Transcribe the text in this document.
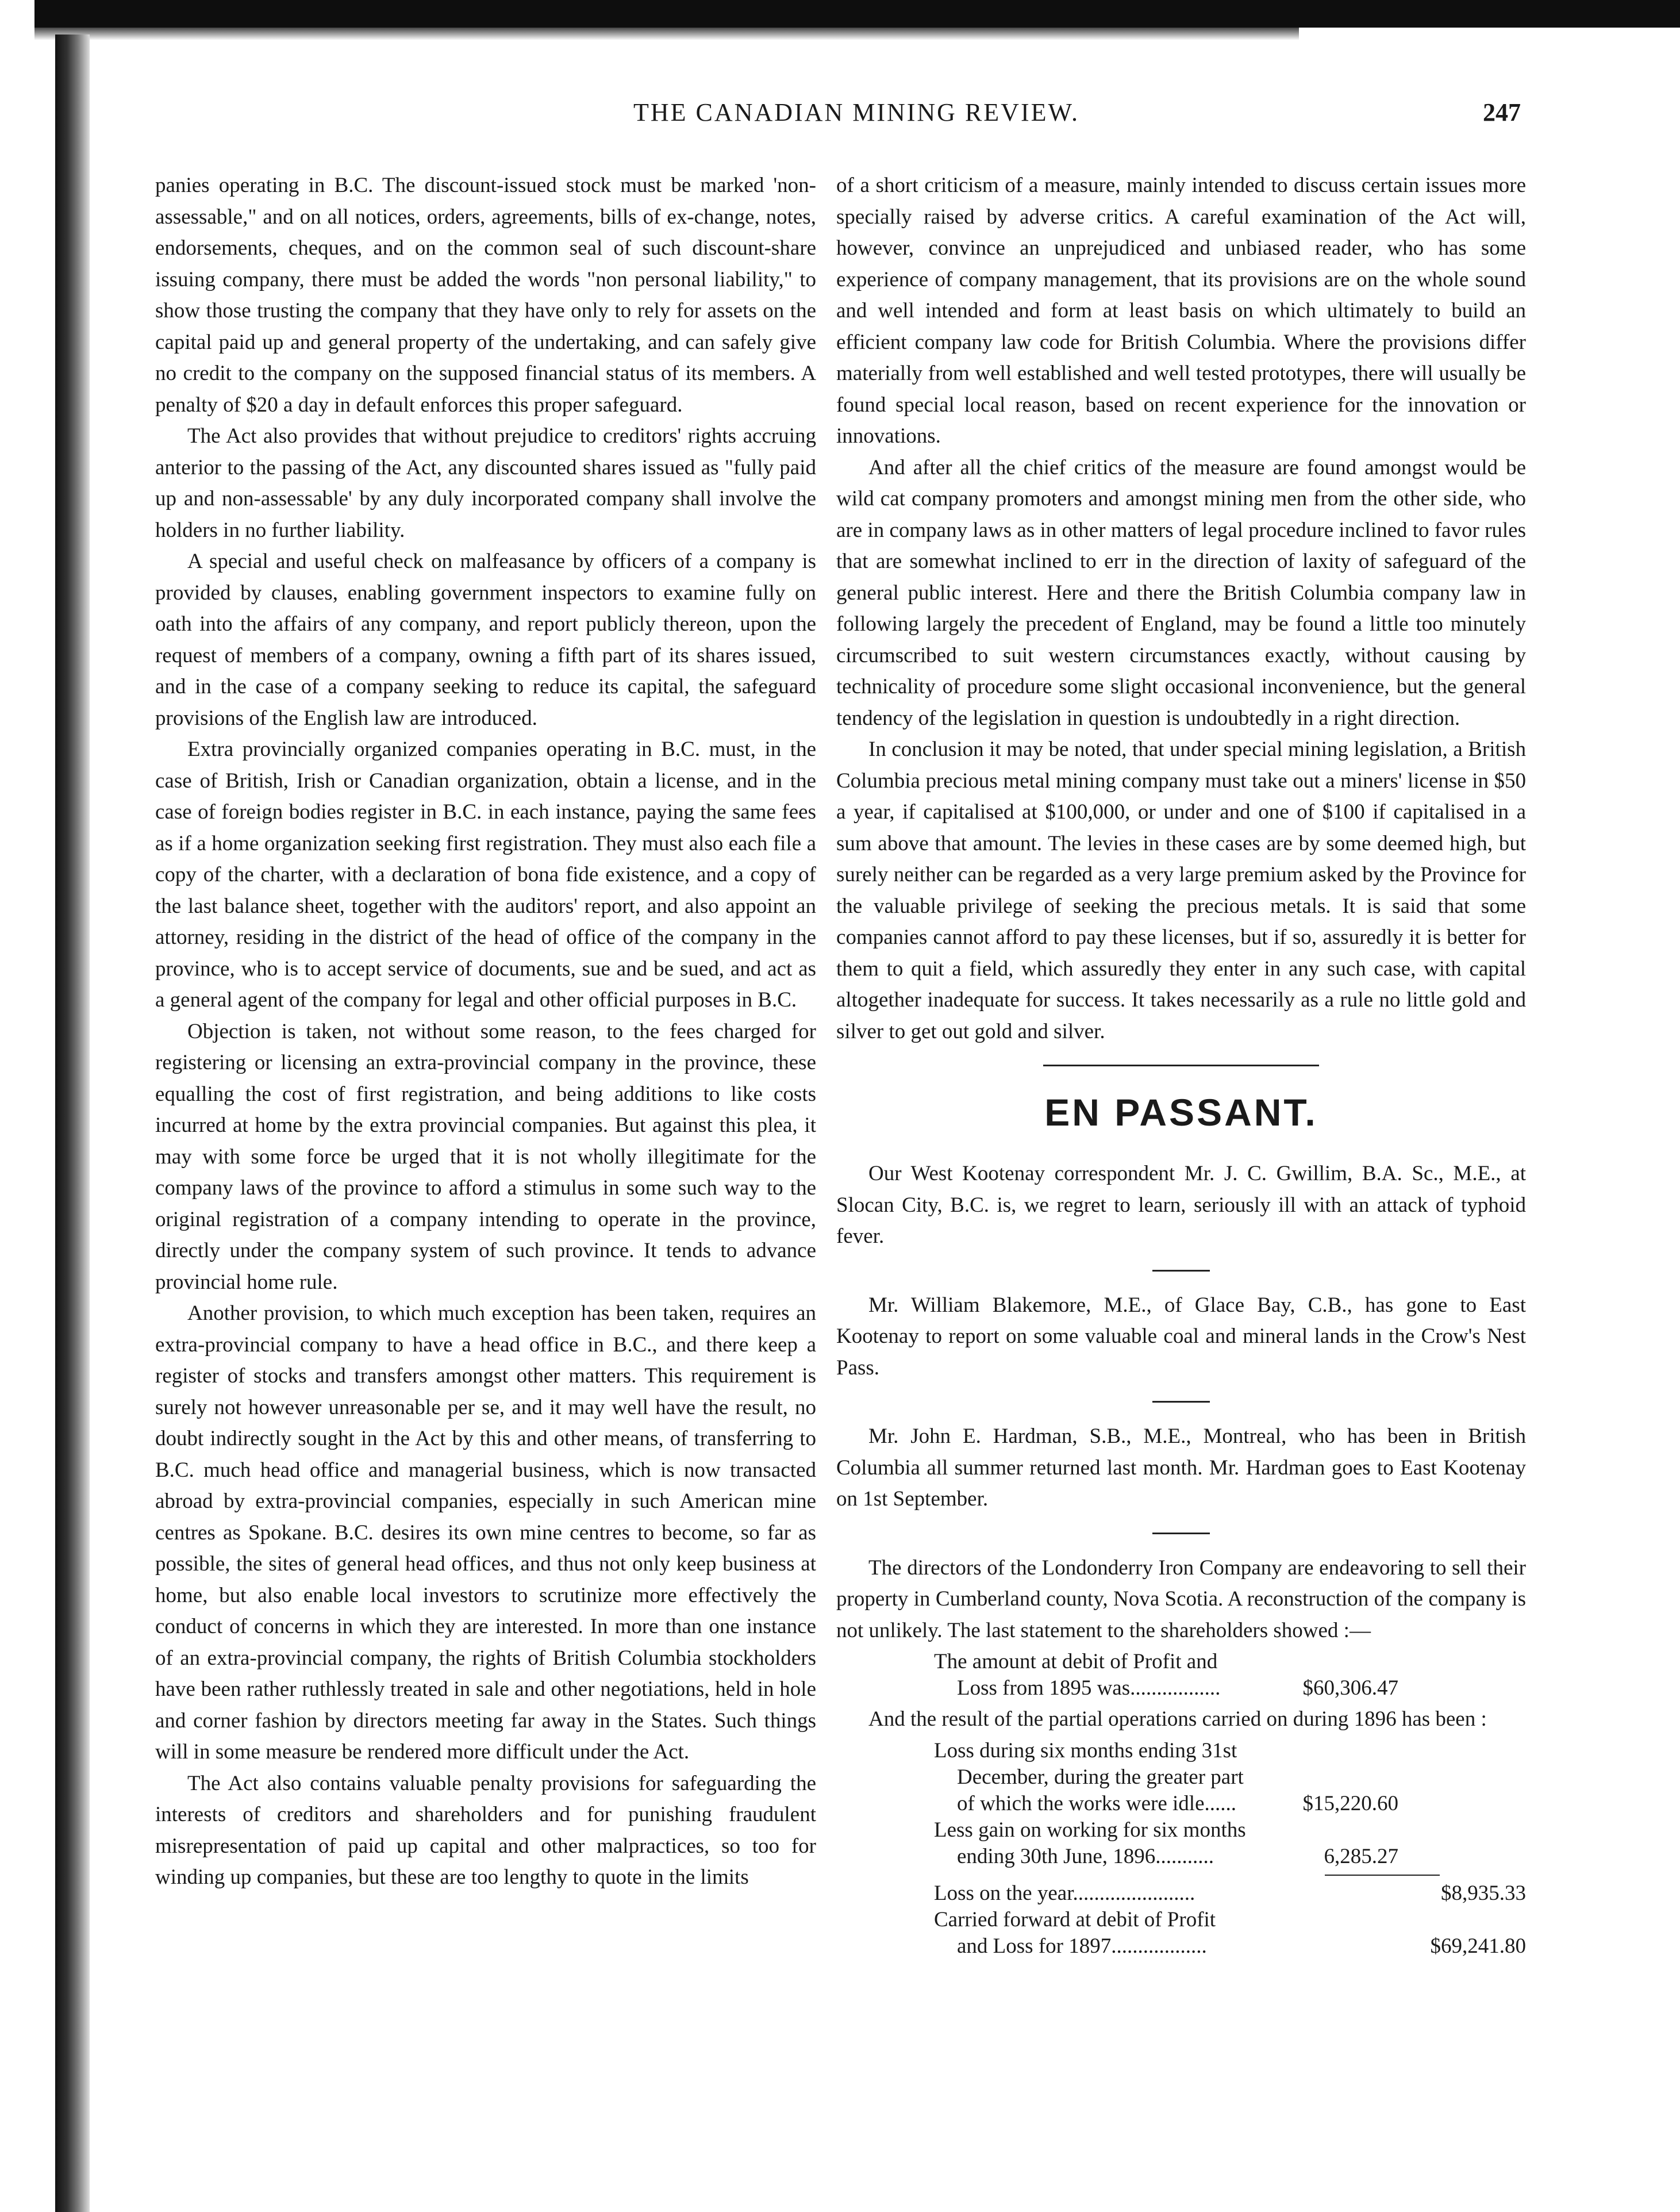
THE CANADIAN MINING REVIEW.	247

panies operating in B.C. The discount-issued stock must be marked 'non-assessable," and on all notices, orders, agreements, bills of ex-change, notes, endorsements, cheques, and on the common seal of such discount-share issuing company, there must be added the words "non personal liability," to show those trusting the company that they have only to rely for assets on the capital paid up and general property of the undertaking, and can safely give no credit to the company on the supposed financial status of its members. A penalty of $20 a day in default enforces this proper safeguard.

The Act also provides that without prejudice to creditors' rights accruing anterior to the passing of the Act, any discounted shares issued as "fully paid up and non-assessable' by any duly incorporated company shall involve the holders in no further liability.

A special and useful check on malfeasance by officers of a company is provided by clauses, enabling government inspectors to examine fully on oath into the affairs of any company, and report publicly thereon, upon the request of members of a company, owning a fifth part of its shares issued, and in the case of a company seeking to reduce its capital, the safeguard provisions of the English law are introduced.

Extra provincially organized companies operating in B.C. must, in the case of British, Irish or Canadian organization, obtain a license, and in the case of foreign bodies register in B.C. in each instance, paying the same fees as if a home organization seeking first registration. They must also each file a copy of the charter, with a declaration of bona fide existence, and a copy of the last balance sheet, together with the auditors' report, and also appoint an attorney, residing in the district of the head of office of the company in the province, who is to accept service of documents, sue and be sued, and act as a general agent of the company for legal and other official purposes in B.C.

Objection is taken, not without some reason, to the fees charged for registering or licensing an extra-provincial company in the province, these equalling the cost of first registration, and being additions to like costs incurred at home by the extra provincial companies. But against this plea, it may with some force be urged that it is not wholly illegitimate for the company laws of the province to afford a stimulus in some such way to the original registration of a company intending to operate in the province, directly under the company system of such province. It tends to advance provincial home rule.

Another provision, to which much exception has been taken, requires an extra-provincial company to have a head office in B.C., and there keep a register of stocks and transfers amongst other matters. This requirement is surely not however unreasonable per se, and it may well have the result, no doubt indirectly sought in the Act by this and other means, of transferring to B.C. much head office and managerial business, which is now transacted abroad by extra-provincial companies, especially in such American mine centres as Spokane. B.C. desires its own mine centres to become, so far as possible, the sites of general head offices, and thus not only keep business at home, but also enable local investors to scrutinize more effectively the conduct of concerns in which they are interested. In more than one instance of an extra-provincial company, the rights of British Columbia stockholders have been rather ruthlessly treated in sale and other negotiations, held in hole and corner fashion by directors meeting far away in the States. Such things will in some measure be rendered more difficult under the Act.

The Act also contains valuable penalty provisions for safeguarding the interests of creditors and shareholders and for punishing fraudulent misrepresentation of paid up capital and other malpractices, so too for winding up companies, but these are too lengthy to quote in the limits

of a short criticism of a measure, mainly intended to discuss certain issues more specially raised by adverse critics. A careful examination of the Act will, however, convince an unprejudiced and unbiased reader, who has some experience of company management, that its provisions are on the whole sound and well intended and form at least basis on which ultimately to build an efficient company law code for British Columbia. Where the provisions differ materially from well established and well tested prototypes, there will usually be found special local reason, based on recent experience for the innovation or innovations.

And after all the chief critics of the measure are found amongst would be wild cat company promoters and amongst mining men from the other side, who are in company laws as in other matters of legal procedure inclined to favor rules that are somewhat inclined to err in the direction of laxity of safeguard of the general public interest. Here and there the British Columbia company law in following largely the precedent of England, may be found a little too minutely circumscribed to suit western circumstances exactly, without causing by technicality of procedure some slight occasional inconvenience, but the general tendency of the legislation in question is undoubtedly in a right direction.

In conclusion it may be noted, that under special mining legislation, a British Columbia precious metal mining company must take out a miners' license in $50 a year, if capitalised at $100,000, or under and one of $100 if capitalised in a sum above that amount. The levies in these cases are by some deemed high, but surely neither can be regarded as a very large premium asked by the Province for the valuable privilege of seeking the precious metals. It is said that some companies cannot afford to pay these licenses, but if so, assuredly it is better for them to quit a field, which assuredly they enter in any such case, with capital altogether inadequate for success. It takes necessarily as a rule no little gold and silver to get out gold and silver.

EN PASSANT.

Our West Kootenay correspondent Mr. J. C. Gwillim, B.A. Sc., M.E., at Slocan City, B.C. is, we regret to learn, seriously ill with an attack of typhoid fever.

Mr. William Blakemore, M.E., of Glace Bay, C.B., has gone to East Kootenay to report on some valuable coal and mineral lands in the Crow's Nest Pass.

Mr. John E. Hardman, S.B., M.E., Montreal, who has been in British Columbia all summer returned last month. Mr. Hardman goes to East Kootenay on 1st September.

The directors of the Londonderry Iron Company are endeavoring to sell their property in Cumberland county, Nova Scotia. A reconstruction of the company is not unlikely. The last statement to the shareholders showed :—

The amount at debit of Profit and
Loss from 1895 was.................	$60,306.47

And the result of the partial operations carried on during 1896 has been :

Loss during six months ending 31st
December, during the greater part
of which the works were idle......	$15,220.60
Less gain on working for six months
ending 30th June, 1896...........	6,285.27
Loss on the year.......................	$8,935.33
Carried forward at debit of Profit
and Loss for 1897..................	$69,241.80
